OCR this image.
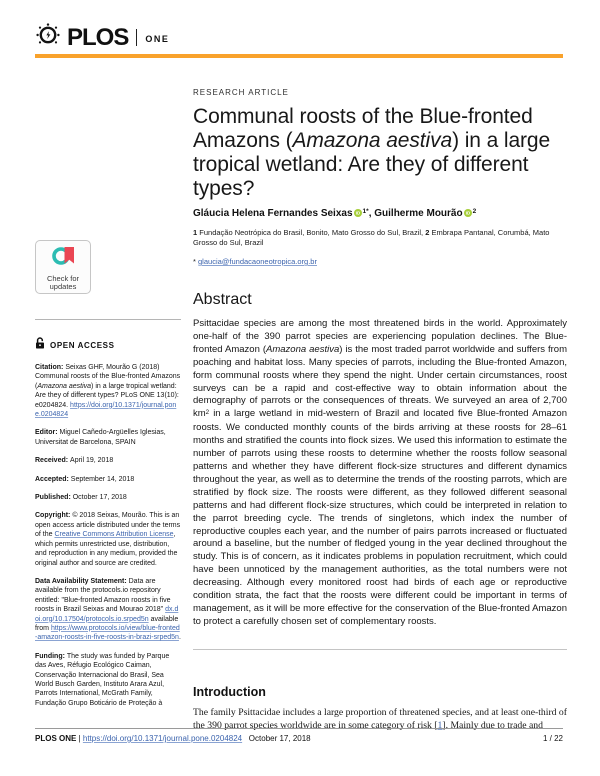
PLOS ONE
Check for
updates
OPEN ACCESS

Citation: Seixas GHF, Mourão G (2018) Communal roosts of the Blue-fronted Amazons (Amazona aestiva) in a large tropical wetland: Are they of different types? PLoS ONE 13(10): e0204824. https://doi.org/10.1371/journal.pone.0204824

Editor: Miguel Cañedo-Argüelles Iglesias, Universitat de Barcelona, SPAIN

Received: April 19, 2018

Accepted: September 14, 2018

Published: October 17, 2018

Copyright: © 2018 Seixas, Mourão. This is an open access article distributed under the terms of the Creative Commons Attribution License, which permits unrestricted use, distribution, and reproduction in any medium, provided the original author and source are credited.

Data Availability Statement: Data are available from the protocols.io repository entitled: "Blue-fronted Amazon roosts in five roosts in Brazil Seixas and Mourao 2018" dx.doi.org/10.17504/protocols.io.srped5n available from https://www.protocols.io/view/blue-fronted-amazon-roosts-in-five-roosts-in-brazi-srped5n.

Funding: The study was funded by Parque das Aves, Réfugio Ecológico Caiman, Conservação Internacional do Brasil, Sea World Busch Garden, Instituto Arara Azul, Parrots International, McGrath Family, Fundação Grupo Boticário de Proteção à

RESEARCH ARTICLE
Communal roosts of the Blue-fronted Amazons (Amazona aestiva) in a large tropical wetland: Are they of different types?
Gláucia Helena Fernandes Seixas iD $^{1*}$, Guilherme Mourão iD $^2$
1 Fundação Neotrópica do Brasil, Bonito, Mato Grosso do Sul, Brazil, 2 Embrapa Pantanal, Corumbá, Mato Grosso do Sul, Brazil
* glaucia@fundacaoneotropica.org.br
Abstract
Psittacidae species are among the most threatened birds in the world. Approximately one-half of the 390 parrot species are experiencing population declines. The Blue-fronted Amazon (Amazona aestiva) is the most traded parrot worldwide and suffers from poaching and habitat loss. Many species of parrots, including the Blue-fronted Amazon, form communal roosts where they spend the night. Under certain circumstances, roost surveys can be a rapid and cost-effective way to obtain information about the demography of parrots or the consequences of threats. We surveyed an area of 2,700 $km^2$ in a large wetland in mid-western of Brazil and located five Blue-fronted Amazon roosts. We conducted monthly counts of the birds arriving at these roosts for 28–61 months and stratified the counts into flock sizes. We used this information to estimate the number of parrots using these roosts to determine whether the roosts follow seasonal patterns and whether they have different flock-size structures and different dynamics throughout the year, as well as to determine the trends of the roosting parrots, which are stratified by flock size. The roosts were different, as they followed different seasonal patterns and had different flock-size structures, which could be interpreted in relation to the parrot breeding cycle. The trends of singletons, which index the number of reproductive couples each year, and the number of pairs parrots increased or fluctuated around a baseline, but the number of fledged young in the year declined throughout the study. This is of concern, as it indicates problems in population recruitment, which could have been unnoticed by the management authorities, as the total numbers were not decreasing. Although every monitored roost had birds of each age or reproductive condition strata, the fact that the roosts were different could be important in terms of management, as it will be more effective for the conservation of the Blue-fronted Amazon to protect a carefully chosen set of complementary roosts.
Introduction
The family Psittacidae includes a large proportion of threatened species, and at least one-third of the 390 parrot species worldwide are in some category of risk [1]. Mainly due to trade and
PLOS ONE | https://doi.org/10.1371/journal.pone.0204824   October 17, 2018	1 / 22
